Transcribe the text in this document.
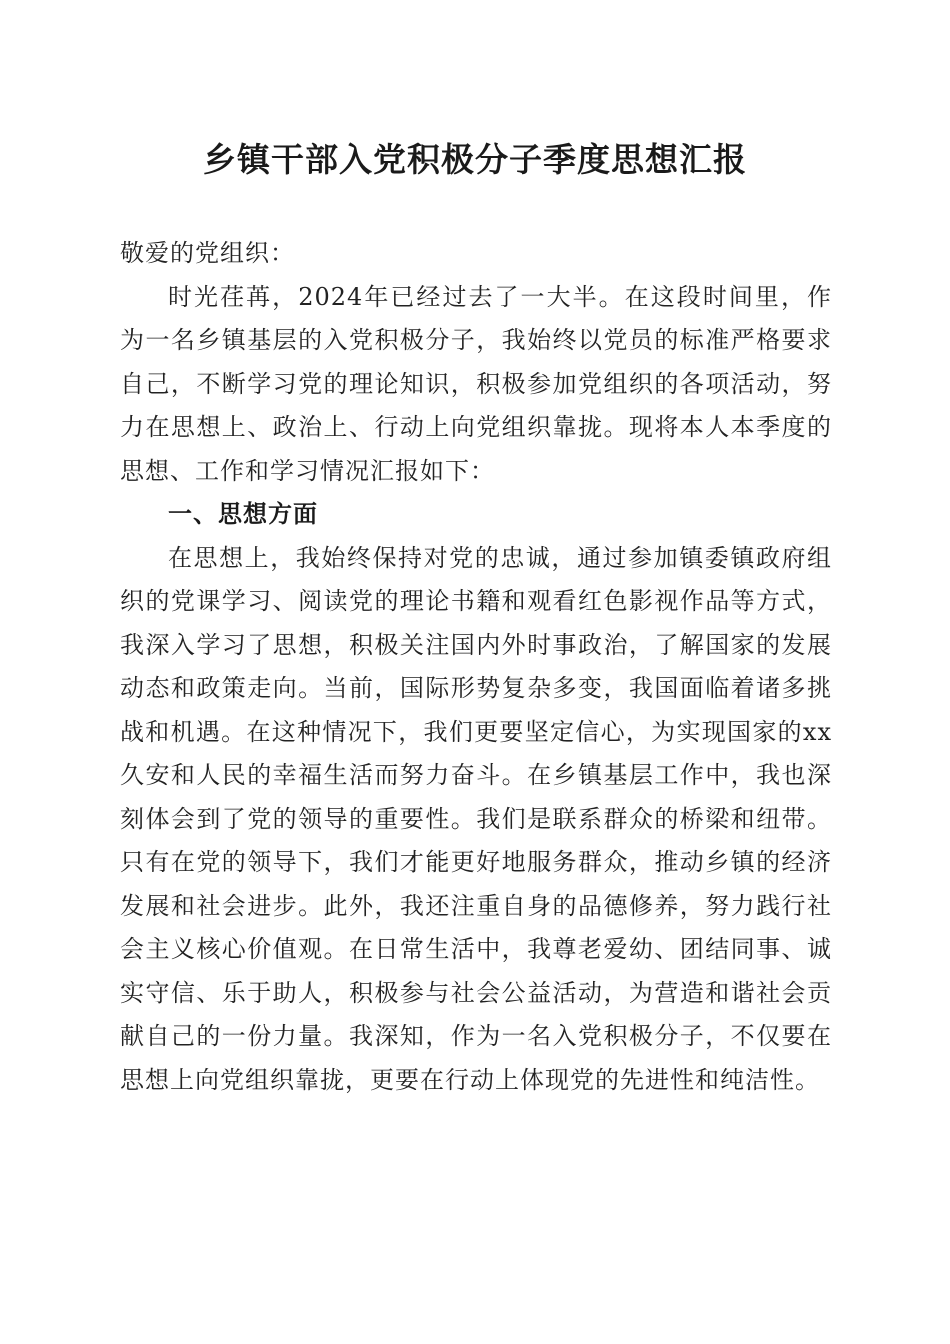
乡镇干部入党积极分子季度思想汇报

敬爱的党组织：

时光荏苒，2024年已经过去了一大半。在这段时间里，作为一名乡镇基层的入党积极分子，我始终以党员的标准严格要求自己，不断学习党的理论知识，积极参加党组织的各项活动，努力在思想上、政治上、行动上向党组织靠拢。现将本人本季度的思想、工作和学习情况汇报如下：

一、思想方面

在思想上，我始终保持对党的忠诚，通过参加镇委镇政府组织的党课学习、阅读党的理论书籍和观看红色影视作品等方式，我深入学习了思想，积极关注国内外时事政治，了解国家的发展动态和政策走向。当前，国际形势复杂多变，我国面临着诸多挑战和机遇。在这种情况下，我们更要坚定信心，为实现国家的xx久安和人民的幸福生活而努力奋斗。在乡镇基层工作中，我也深刻体会到了党的领导的重要性。我们是联系群众的桥梁和纽带。只有在党的领导下，我们才能更好地服务群众，推动乡镇的经济发展和社会进步。此外，我还注重自身的品德修养，努力践行社会主义核心价值观。在日常生活中，我尊老爱幼、团结同事、诚实守信、乐于助人，积极参与社会公益活动，为营造和谐社会贡献自己的一份力量。我深知，作为一名入党积极分子，不仅要在思想上向党组织靠拢，更要在行动上体现党的先进性和纯洁性。
